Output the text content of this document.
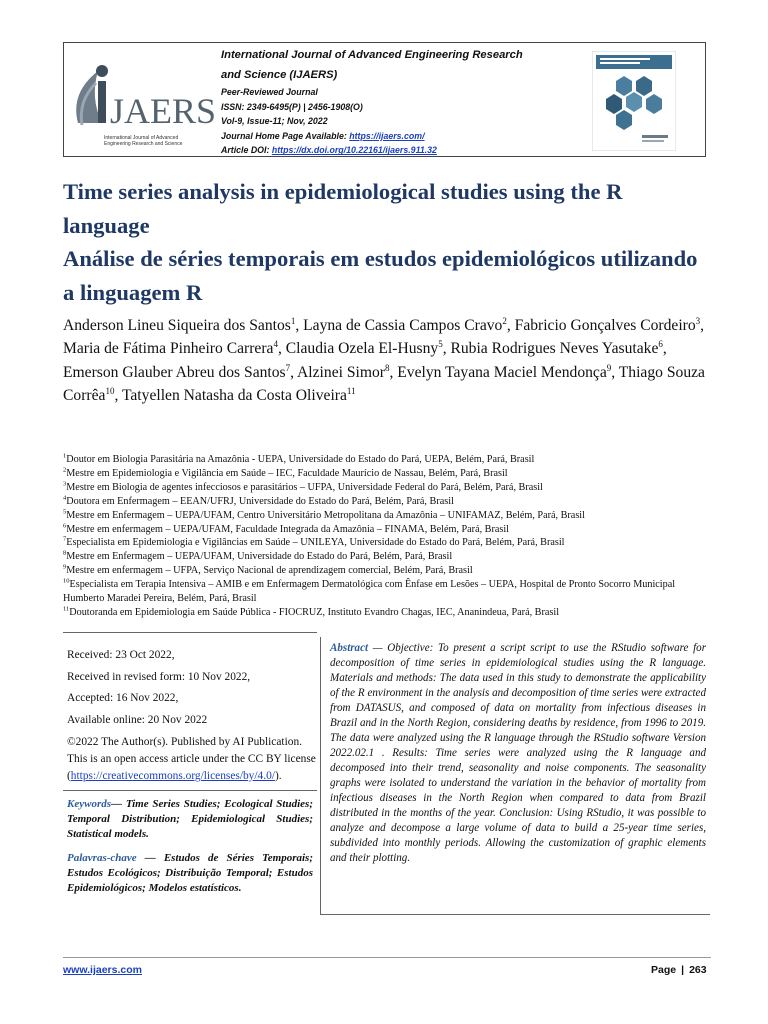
JAERS
International Journal of Advanced
Engineering Research and Science
International Journal of Advanced Engineering Research
and Science (IJAERS)
Peer-Reviewed Journal
ISSN: 2349-6495(P) | 2456-1908(O)
Vol-9, Issue-11; Nov, 2022
Journal Home Page Available: https://ijaers.com/
Article DOI: https://dx.doi.org/10.22161/ijaers.911.32
Time series analysis in epidemiological studies using the R language
Análise de séries temporais em estudos epidemiológicos utilizando a linguagem R
Anderson Lineu Siqueira dos Santos$^1$, Layna de Cassia Campos Cravo$^2$, Fabricio Gonçalves Cordeiro$^3$, Maria de Fátima Pinheiro Carrera$^4$, Claudia Ozela El-Husny$^5$, Rubia Rodrigues Neves Yasutake$^6$, Emerson Glauber Abreu dos Santos$^7$, Alzinei Simor$^8$, Evelyn Tayana Maciel Mendonça$^9$, Thiago Souza Corrêa$^{10}$, Tatyellen Natasha da Costa Oliveira$^{11}$
$^1$Doutor em Biologia Parasitária na Amazônia - UEPA, Universidade do Estado do Pará, UEPA, Belém, Pará, Brasil
$^2$Mestre em Epidemiologia e Vigilância em Saúde – IEC, Faculdade Maurício de Nassau, Belém, Pará, Brasil
$^3$Mestre em Biologia de agentes infecciosos e parasitários – UFPA, Universidade Federal do Pará, Belém, Pará, Brasil
$^4$Doutora em Enfermagem – EEAN/UFRJ, Universidade do Estado do Pará, Belém, Pará, Brasil
$^5$Mestre em Enfermagem – UEPA/UFAM, Centro Universitário Metropolitana da Amazônia – UNIFAMAZ, Belém, Pará, Brasil
$^6$Mestre em enfermagem – UEPA/UFAM, Faculdade Integrada da Amazônia – FINAMA, Belém, Pará, Brasil
$^7$Especialista em Epidemiologia e Vigilâncias em Saúde – UNILEYA, Universidade do Estado do Pará, Belém, Pará, Brasil
$^8$Mestre em Enfermagem – UEPA/UFAM, Universidade do Estado do Pará, Belém, Pará, Brasil
$^9$Mestre em enfermagem – UFPA, Serviço Nacional de aprendizagem comercial, Belém, Pará, Brasil
$^{10}$Especialista em Terapia Intensiva – AMIB e em Enfermagem Dermatológica com Ênfase em Lesões – UEPA, Hospital de Pronto Socorro Municipal Humberto Maradei Pereira, Belém, Pará, Brasil
$^{11}$Doutoranda em Epidemiologia em Saúde Pública - FIOCRUZ, Instituto Evandro Chagas, IEC, Ananindeua, Pará, Brasil
Received: 23 Oct 2022,
Received in revised form: 10 Nov 2022,
Accepted: 16 Nov 2022,
Available online: 20 Nov 2022
©2022 The Author(s). Published by AI Publication. This is an open access article under the CC BY license (https://creativecommons.org/licenses/by/4.0/).

Keywords— Time Series Studies; Ecological Studies; Temporal Distribution; Epidemiological Studies; Statistical models.

Palavras-chave — Estudos de Séries Temporais; Estudos Ecológicos; Distribuição Temporal; Estudos Epidemiológicos; Modelos estatísticos.

Abstract — Objective: To present a script script to use the RStudio software for decomposition of time series in epidemiological studies using the R language. Materials and methods: The data used in this study to demonstrate the applicability of the R environment in the analysis and decomposition of time series were extracted from DATASUS, and composed of data on mortality from infectious diseases in Brazil and in the North Region, considering deaths by residence, from 1996 to 2019. The data were analyzed using the R language through the RStudio software Version 2022.02.1 . Results: Time series were analyzed using the R language and decomposed into their trend, seasonality and noise components. The seasonality graphs were isolated to understand the variation in the behavior of mortality from infectious diseases in the North Region when compared to data from Brazil distributed in the months of the year. Conclusion: Using RStudio, it was possible to analyze and decompose a large volume of data to build a 25-year time series, subdivided into monthly periods. Allowing the customization of graphic elements and their plotting.

www.ijaers.com	Page | 263
